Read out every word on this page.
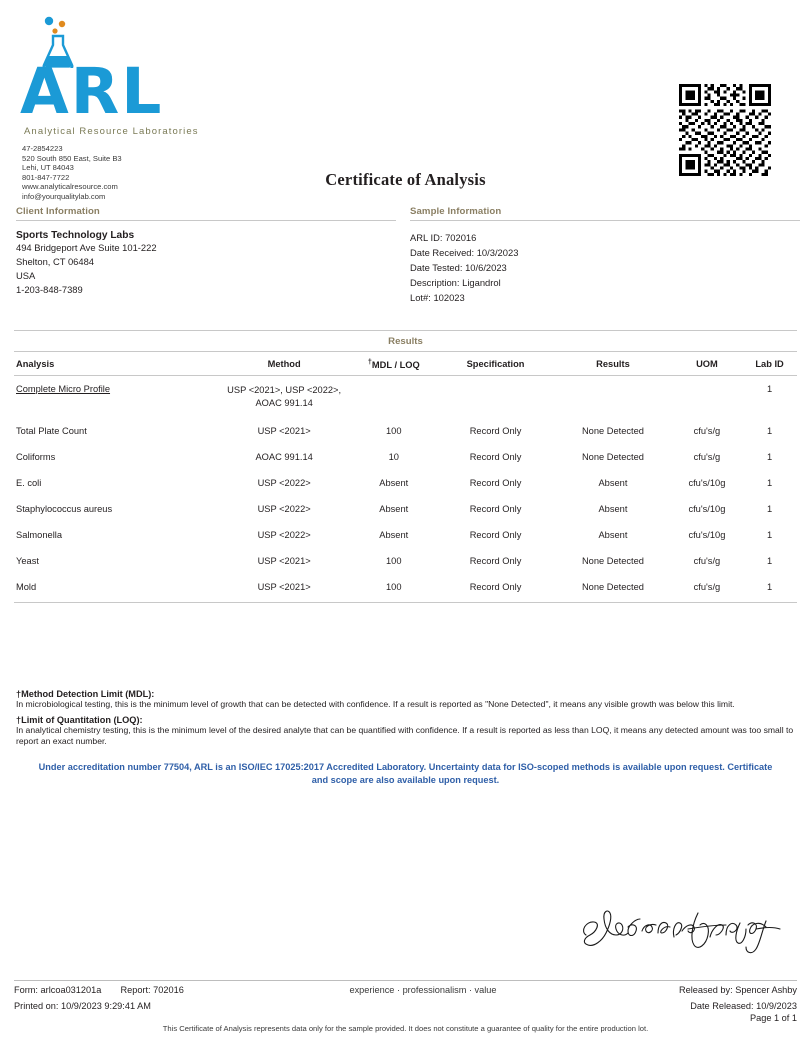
ARL
Analytical Resource Laboratories
47-2854223
520 South 850 East, Suite B3
Lehi, UT 84043
801-847-7722
www.analyticalresource.com
info@yourqualitylab.com
Certificate of Analysis
Client Information
Sports Technology Labs
494 Bridgeport Ave Suite 101-222
Shelton, CT 06484
USA
1-203-848-7389
Sample Information
ARL ID: 702016
Date Received: 10/3/2023
Date Tested: 10/6/2023
Description: Ligandrol
Lot#: 102023
Results
Analysis	Method	†MDL / LOQ	Specification	Results	UOM	Lab ID
Complete Micro Profile	USP <2021>, USP <2022>, AOAC 991.14					1
Total Plate Count	USP <2021>	100	Record Only	None Detected	cfu's/g	1
Coliforms	AOAC 991.14	10	Record Only	None Detected	cfu's/g	1
E. coli	USP <2022>	Absent	Record Only	Absent	cfu's/10g	1
Staphylococcus aureus	USP <2022>	Absent	Record Only	Absent	cfu's/10g	1
Salmonella	USP <2022>	Absent	Record Only	Absent	cfu's/10g	1
Yeast	USP <2021>	100	Record Only	None Detected	cfu's/g	1
Mold	USP <2021>	100	Record Only	None Detected	cfu's/g	1
†Method Detection Limit (MDL):
In microbiological testing, this is the minimum level of growth that can be detected with confidence. If a result is reported as "None Detected", it means any visible growth was below this limit.
†Limit of Quantitation (LOQ):
In analytical chemistry testing, this is the minimum level of the desired analyte that can be quantified with confidence. If a result is reported as less than LOQ, it means any detected amount was too small to report an exact number.
Under accreditation number 77504, ARL is an ISO/IEC 17025:2017 Accredited Laboratory. Uncertainty data for ISO-scoped methods is available upon request. Certificate and scope are also available upon request.
Form: arlcoa031201a Report: 702016	experience · professionalism · value	Released by: Spencer Ashby
Printed on: 10/9/2023 9:29:41 AM	Date Released: 10/9/2023
This Certificate of Analysis represents data only for the sample provided. It does not constitute a guarantee of quality for the entire production lot.
Page 1 of 1
